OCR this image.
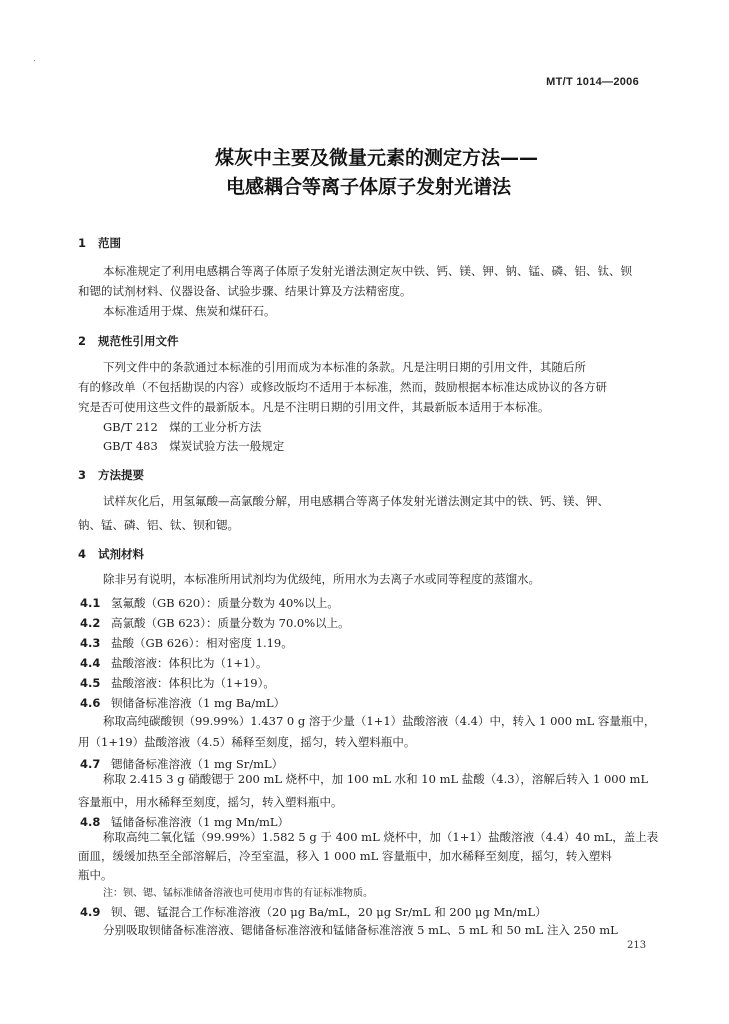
MT/T 1014—2006
煤灰中主要及微量元素的测定方法——
电感耦合等离子体原子发射光谱法
1 范围
本标准规定了利用电感耦合等离子体原子发射光谱法测定灰中铁、钙、镁、钾、钠、锰、磷、铝、钛、钡
和锶的试剂材料、仪器设备、试验步骤、结果计算及方法精密度。
本标准适用于煤、焦炭和煤矸石。
2 规范性引用文件
下列文件中的条款通过本标准的引用而成为本标准的条款。凡是注明日期的引用文件，其随后所
有的修改单（不包括勘误的内容）或修改版均不适用于本标准，然而，鼓励根据本标准达成协议的各方研
究是否可使用这些文件的最新版本。凡是不注明日期的引用文件，其最新版本适用于本标准。
GB/T 212　煤的工业分析方法
GB/T 483　煤炭试验方法一般规定
3 方法提要
试样灰化后，用氢氟酸—高氯酸分解，用电感耦合等离子体发射光谱法测定其中的铁、钙、镁、钾、
钠、锰、磷、铝、钛、钡和锶。
4 试剂材料
除非另有说明，本标准所用试剂均为优级纯，所用水为去离子水或同等程度的蒸馏水。
4.1 氢氟酸（GB 620）：质量分数为 40%以上。
4.2 高氯酸（GB 623）：质量分数为 70.0%以上。
4.3 盐酸（GB 626）：相对密度 1.19。
4.4 盐酸溶液：体积比为（1+1）。
4.5 盐酸溶液：体积比为（1+19）。
4.6 钡储备标准溶液（1 mg Ba/mL）
称取高纯碳酸钡（99.99%）1.437 0 g 溶于少量（1+1）盐酸溶液（4.4）中，转入 1 000 mL 容量瓶中，
用（1+19）盐酸溶液（4.5）稀释至刻度，摇匀，转入塑料瓶中。
4.7 锶储备标准溶液（1 mg Sr/mL）
称取 2.415 3 g 硝酸锶于 200 mL 烧杯中，加 100 mL 水和 10 mL 盐酸（4.3），溶解后转入 1 000 mL
容量瓶中，用水稀释至刻度，摇匀，转入塑料瓶中。
4.8 锰储备标准溶液（1 mg Mn/mL）
称取高纯二氧化锰（99.99%）1.582 5 g 于 400 mL 烧杯中，加（1+1）盐酸溶液（4.4）40 mL，盖上表
面皿，缓缓加热至全部溶解后，冷至室温，移入 1 000 mL 容量瓶中，加水稀释至刻度，摇匀，转入塑料
瓶中。
注：钡、锶、锰标准储备溶液也可使用市售的有证标准物质。
4.9 钡、锶、锰混合工作标准溶液（20 μg Ba/mL，20 μg Sr/mL 和 200 μg Mn/mL）
分别吸取钡储备标准溶液、锶储备标准溶液和锰储备标准溶液 5 mL、5 mL 和 50 mL 注入 250 mL
213
